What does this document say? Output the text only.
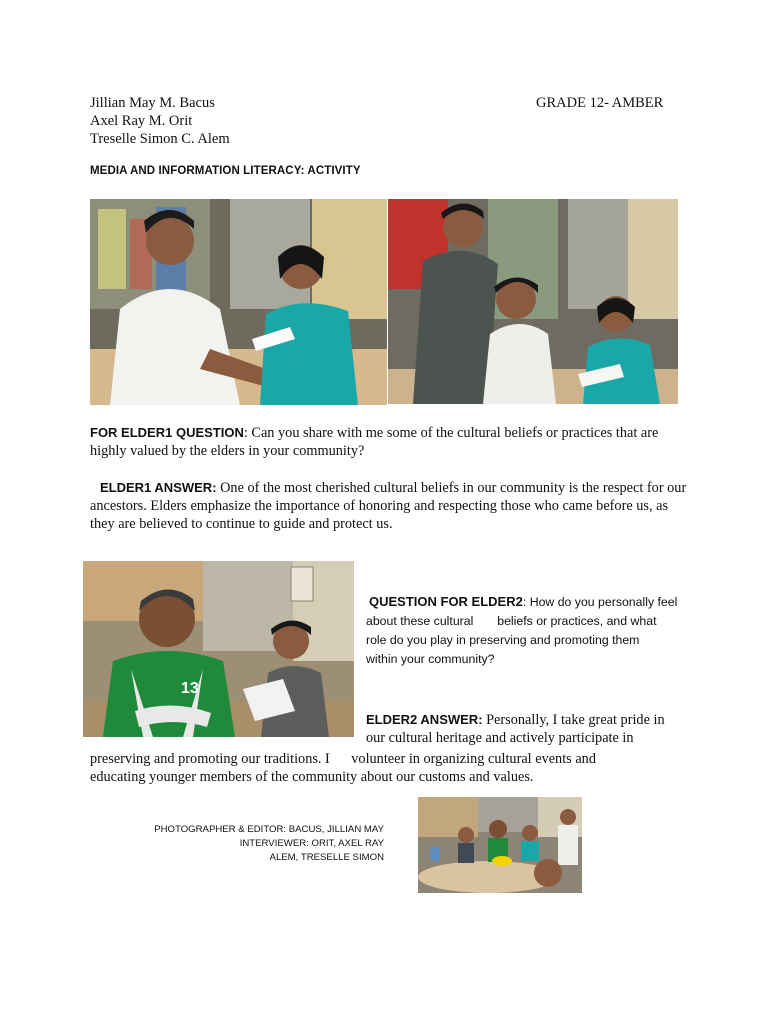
Jillian May M. Bacus
Axel Ray M. Orit
Treselle Simon C. Alem
GRADE 12- AMBER
MEDIA AND INFORMATION LITERACY: ACTIVITY
FOR ELDER1 QUESTION: Can you share with me some of the cultural beliefs or practices that are highly valued by the elders in your community?
ELDER1 ANSWER: One of the most cherished cultural beliefs in our community is the respect for our ancestors. Elders emphasize the importance of honoring and respecting those who came before us, as they are believed to continue to guide and protect us.
13
QUESTION FOR ELDER2: How do you personally feel
about these cultural       beliefs or practices, and what
role do you play in preserving and promoting them
within your community?
ELDER2 ANSWER: Personally, I take great pride in
our cultural heritage and actively participate in
preserving and promoting our traditions. I      volunteer in organizing cultural events and
educating younger members of the community about our customs and values.
PHOTOGRAPHER & EDITOR: BACUS, JILLIAN MAY
INTERVIEWER: ORIT, AXEL RAY
ALEM, TRESELLE SIMON
